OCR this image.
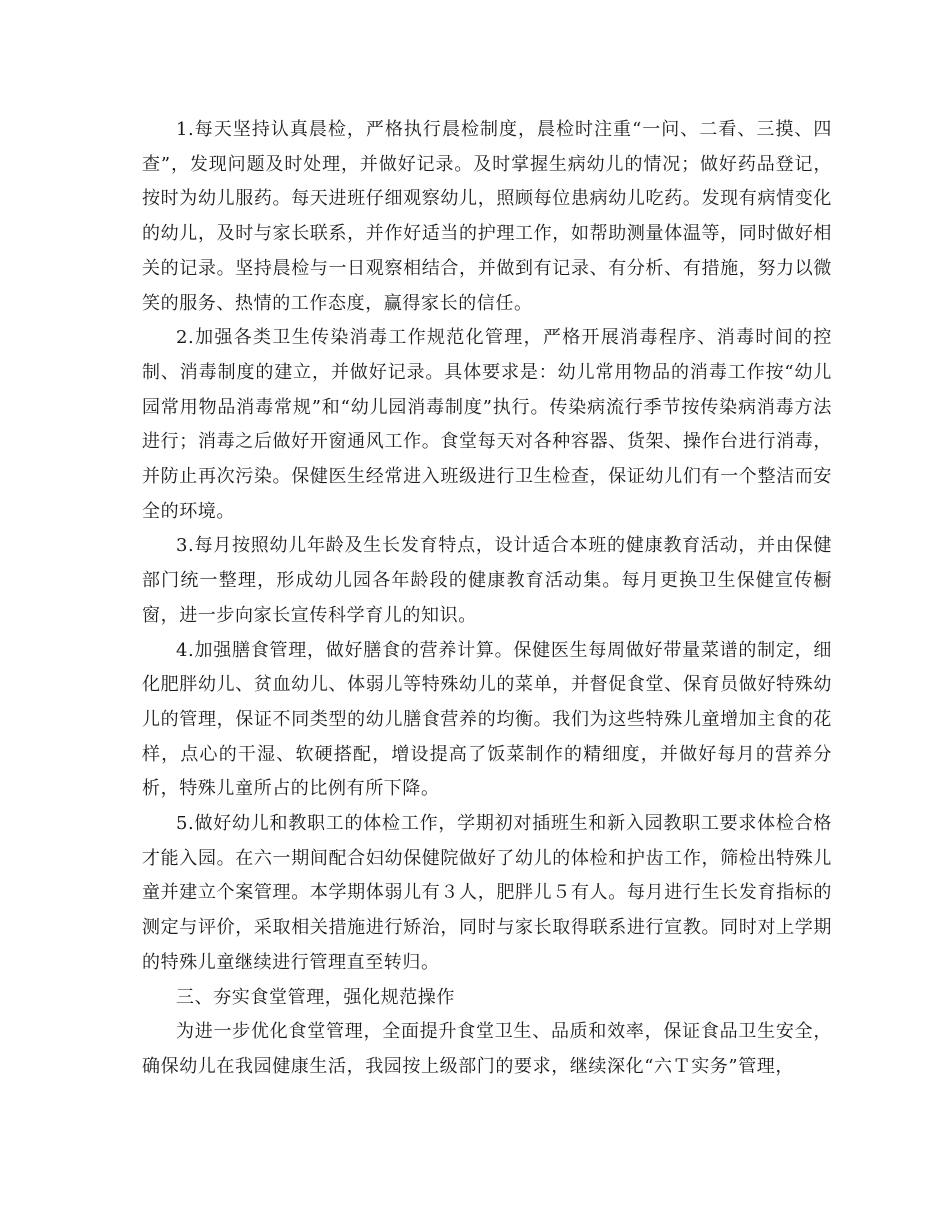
1.每天坚持认真晨检，严格执行晨检制度，晨检时注重“一问、二看、三摸、四查”，发现问题及时处理，并做好记录。及时掌握生病幼儿的情况；做好药品登记，按时为幼儿服药。每天进班仔细观察幼儿，照顾每位患病幼儿吃药。发现有病情变化的幼儿，及时与家长联系，并作好适当的护理工作，如帮助测量体温等，同时做好相关的记录。坚持晨检与一日观察相结合，并做到有记录、有分析、有措施，努力以微笑的服务、热情的工作态度，赢得家长的信任。

2.加强各类卫生传染消毒工作规范化管理，严格开展消毒程序、消毒时间的控制、消毒制度的建立，并做好记录。具体要求是：幼儿常用物品的消毒工作按“幼儿园常用物品消毒常规”和“幼儿园消毒制度”执行。传染病流行季节按传染病消毒方法进行；消毒之后做好开窗通风工作。食堂每天对各种容器、货架、操作台进行消毒，并防止再次污染。保健医生经常进入班级进行卫生检查，保证幼儿们有一个整洁而安全的环境。

3.每月按照幼儿年龄及生长发育特点，设计适合本班的健康教育活动，并由保健部门统一整理，形成幼儿园各年龄段的健康教育活动集。每月更换卫生保健宣传橱窗，进一步向家长宣传科学育儿的知识。

4.加强膳食管理，做好膳食的营养计算。保健医生每周做好带量菜谱的制定，细化肥胖幼儿、贫血幼儿、体弱儿等特殊幼儿的菜单，并督促食堂、保育员做好特殊幼儿的管理，保证不同类型的幼儿膳食营养的均衡。我们为这些特殊儿童增加主食的花样，点心的干湿、软硬搭配，增设提高了饭菜制作的精细度，并做好每月的营养分析，特殊儿童所占的比例有所下降。

5.做好幼儿和教职工的体检工作，学期初对插班生和新入园教职工要求体检合格才能入园。在六一期间配合妇幼保健院做好了幼儿的体检和护齿工作，筛检出特殊儿童并建立个案管理。本学期体弱儿有３人，肥胖儿５有人。每月进行生长发育指标的测定与评价，采取相关措施进行矫治，同时与家长取得联系进行宣教。同时对上学期的特殊儿童继续进行管理直至转归。

三、夯实食堂管理，强化规范操作

为进一步优化食堂管理，全面提升食堂卫生、品质和效率，保证食品卫生安全，确保幼儿在我园健康生活，我园按上级部门的要求，继续深化“六Ｔ实务”管理，
